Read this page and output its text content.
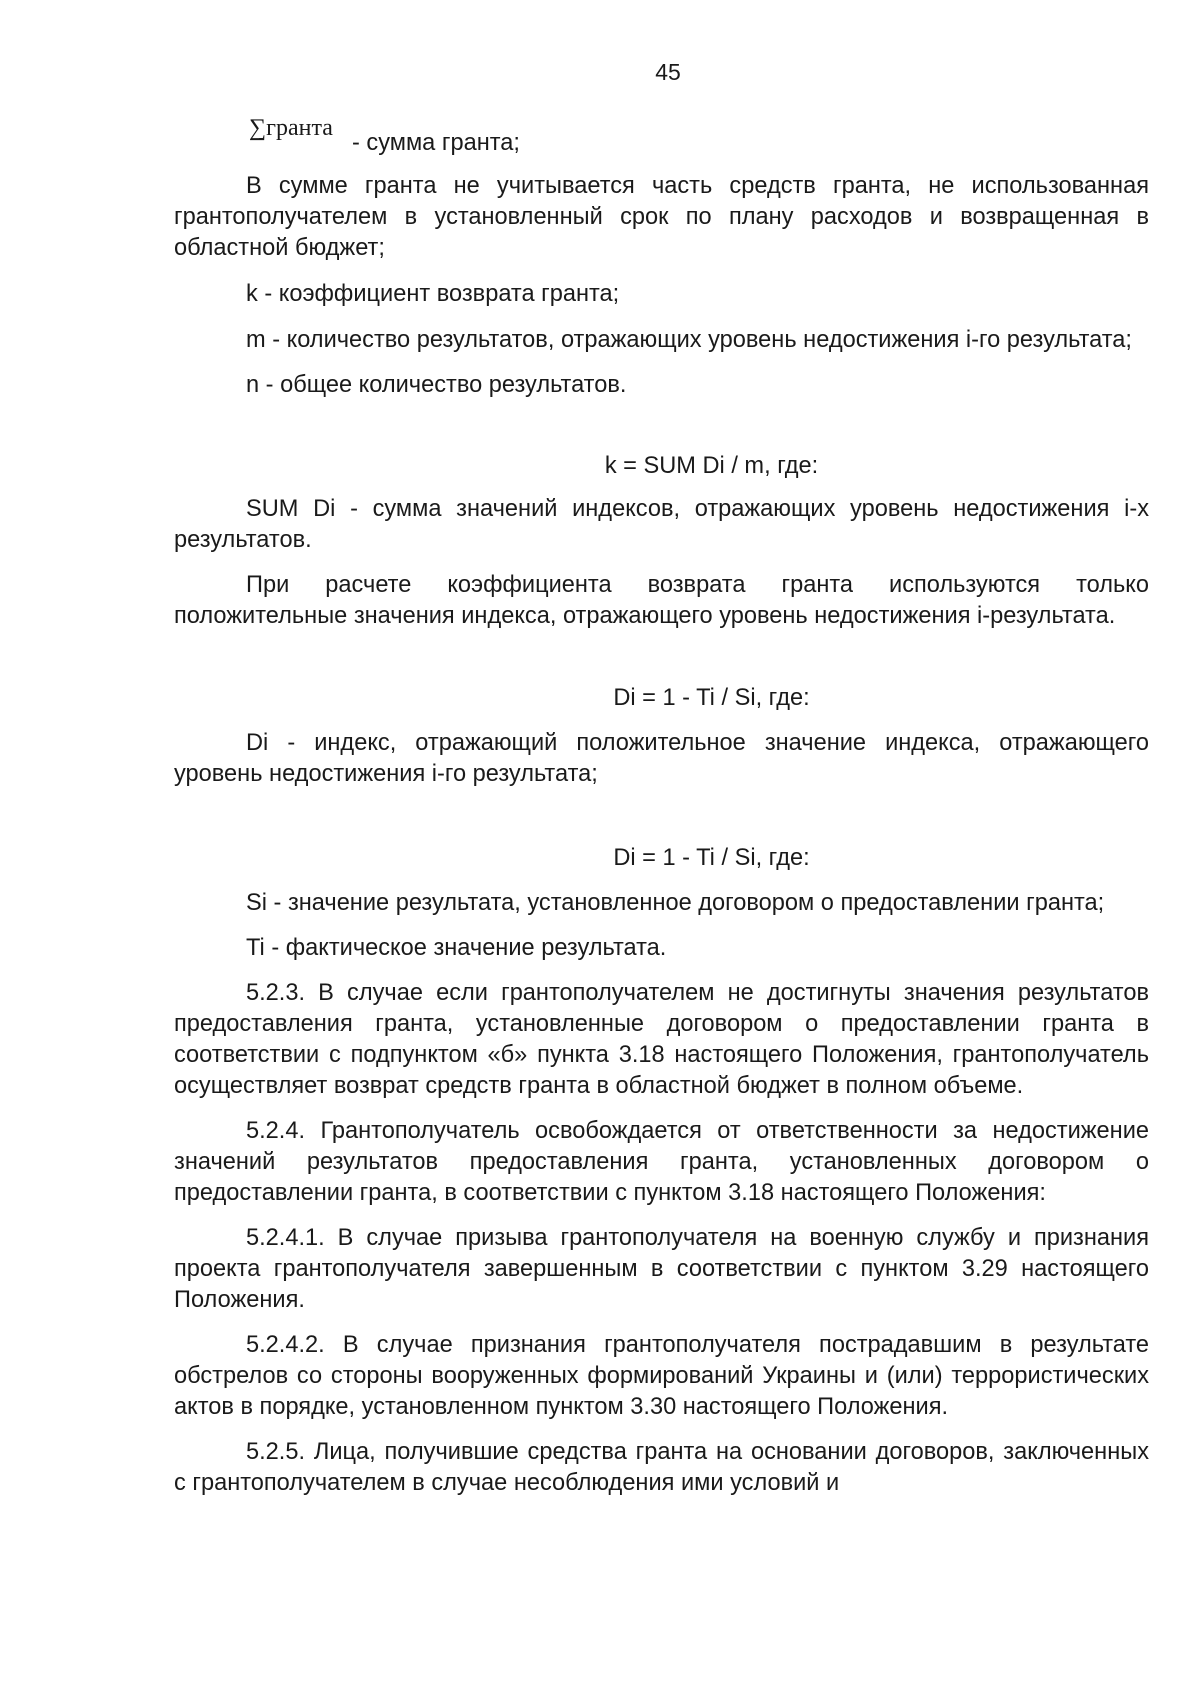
45
∑гранта
- сумма гранта;

В сумме гранта не учитывается часть средств гранта, не использованная грантополучателем в установленный срок по плану расходов и возвращенная в областной бюджет;

k - коэффициент возврата гранта;

m - количество результатов, отражающих уровень недостижения i-го результата;

n - общее количество результатов.

k = SUM Di / m, где:

SUM Di - сумма значений индексов, отражающих уровень недостижения i-х результатов.

При расчете коэффициента возврата гранта используются только положительные значения индекса, отражающего уровень недостижения i-результата.

Di = 1 - Ti / Si, где:

Di - индекс, отражающий положительное значение индекса, отражающего уровень недостижения i-го результата;

Di = 1 - Ti / Si, где:

Si - значение результата, установленное договором о предоставлении гранта;

Ti - фактическое значение результата.

5.2.3. В случае если грантополучателем не достигнуты значения результатов предоставления гранта, установленные договором о предоставлении гранта в соответствии с подпунктом «б» пункта 3.18 настоящего Положения, грантополучатель осуществляет возврат средств гранта в областной бюджет в полном объеме.

5.2.4. Грантополучатель освобождается от ответственности за недостижение значений результатов предоставления гранта, установленных договором о предоставлении гранта, в соответствии с пунктом 3.18 настоящего Положения:

5.2.4.1. В случае призыва грантополучателя на военную службу и признания проекта грантополучателя завершенным в соответствии с пунктом 3.29 настоящего Положения.

5.2.4.2. В случае признания грантополучателя пострадавшим в результате обстрелов со стороны вооруженных формирований Украины и (или) террористических актов в порядке, установленном пунктом 3.30 настоящего Положения.

5.2.5. Лица, получившие средства гранта на основании договоров, заключенных с грантополучателем в случае несоблюдения ими условий и
